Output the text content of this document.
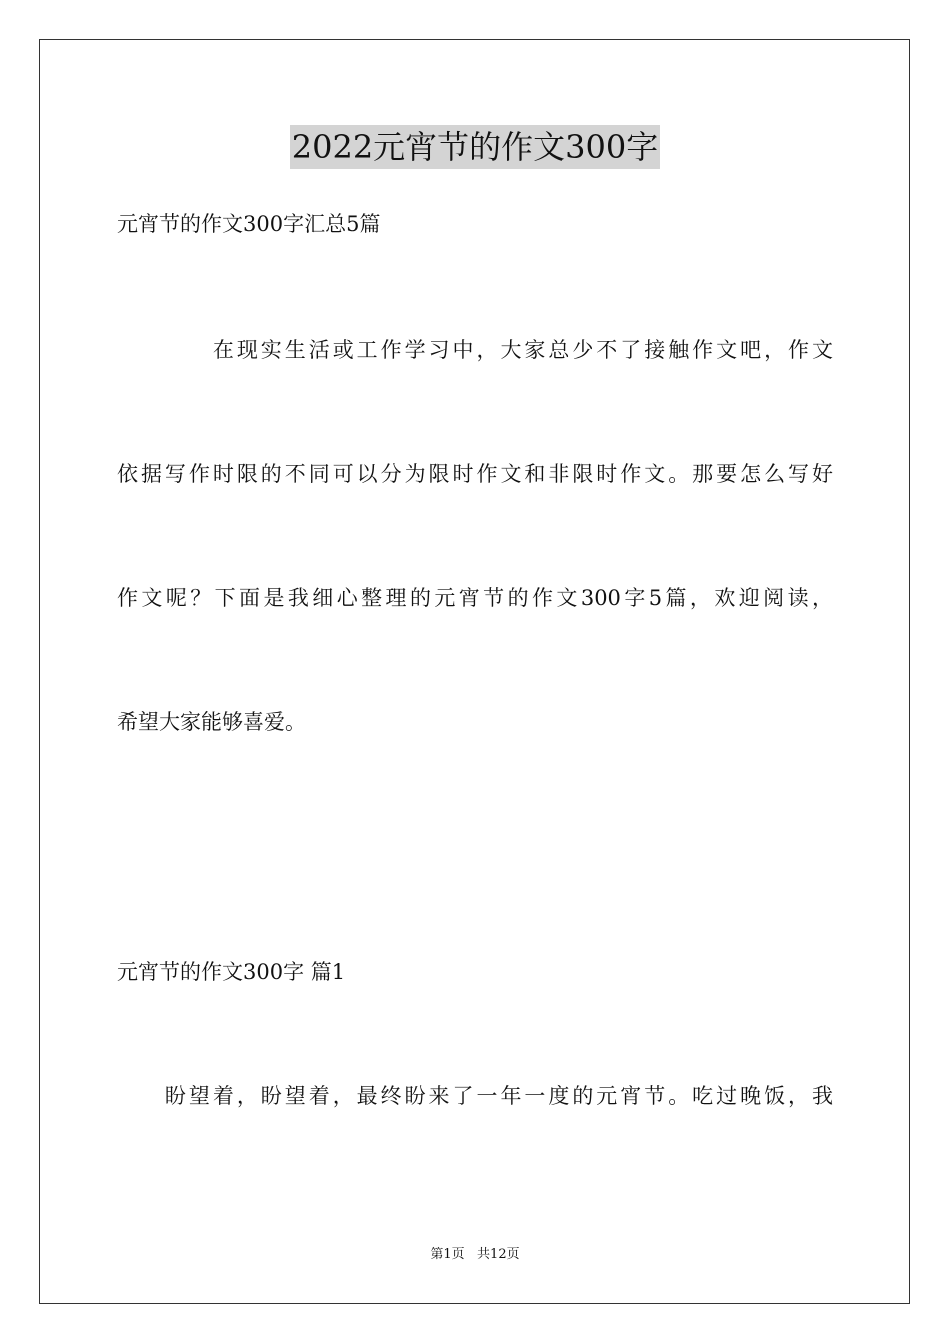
2022元宵节的作文300字
元宵节的作文300字汇总5篇
　　　　在现实生活或工作学习中，大家总少不了接触作文吧，作文
依据写作时限的不同可以分为限时作文和非限时作文。那要怎么写好
作文呢？下面是我细心整理的元宵节的作文300字5篇，欢迎阅读，
希望大家能够喜爱。
元宵节的作文300字 篇1
　　盼望着，盼望着，最终盼来了一年一度的元宵节。吃过晚饭，我
第1页   共12页
